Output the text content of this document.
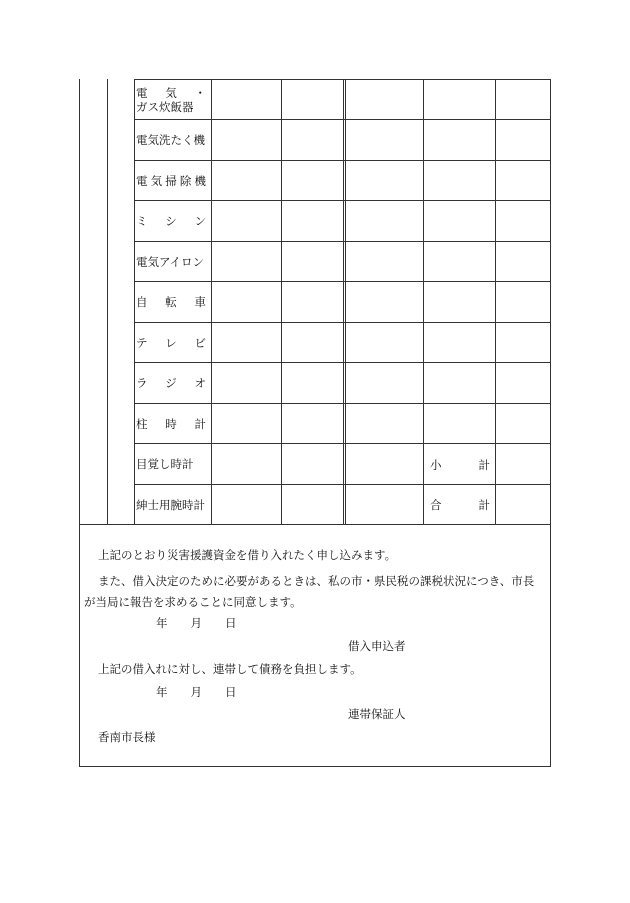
電　気　・
ガス炊飯器
電気洗たく機
電気掃除機
ミ　シ　ン
電気アイロン
自　転　車
テ　レ　ビ
ラ　ジ　オ
柱　時　計
目覚し時計
紳士用腕時計
小　　計
合　　計
上記のとおり災害援護資金を借り入れたく申し込みます。
また、借入決定のために必要があるときは、私の市・県民税の課税状況につき、市長
が当局に報告を求めることに同意します。
年　　月　　日
借入申込者
上記の借入れに対し、連帯して債務を負担します。
年　　月　　日
連帯保証人
香南市長様
